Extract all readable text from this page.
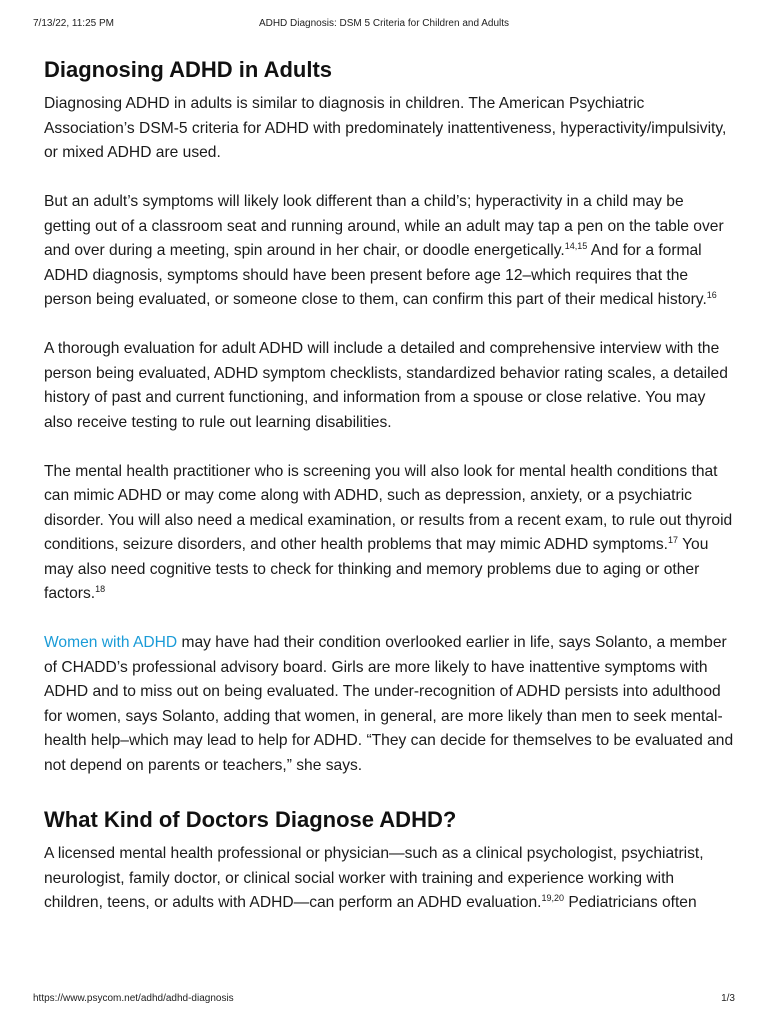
7/13/22, 11:25 PM	ADHD Diagnosis: DSM 5 Criteria for Children and Adults
Diagnosing ADHD in Adults

Diagnosing ADHD in adults is similar to diagnosis in children. The American Psychiatric Association’s DSM-5 criteria for ADHD with predominately inattentiveness, hyperactivity/impulsivity, or mixed ADHD are used.

But an adult’s symptoms will likely look different than a child’s; hyperactivity in a child may be getting out of a classroom seat and running around, while an adult may tap a pen on the table over and over during a meeting, spin around in her chair, or doodle energetically.$^{14,15}$ And for a formal ADHD diagnosis, symptoms should have been present before age 12–which requires that the person being evaluated, or someone close to them, can confirm this part of their medical history.$^{16}$

A thorough evaluation for adult ADHD will include a detailed and comprehensive interview with the person being evaluated, ADHD symptom checklists, standardized behavior rating scales, a detailed history of past and current functioning, and information from a spouse or close relative. You may also receive testing to rule out learning disabilities.

The mental health practitioner who is screening you will also look for mental health conditions that can mimic ADHD or may come along with ADHD, such as depression, anxiety, or a psychiatric disorder. You will also need a medical examination, or results from a recent exam, to rule out thyroid conditions, seizure disorders, and other health problems that may mimic ADHD symptoms.$^{17}$ You may also need cognitive tests to check for thinking and memory problems due to aging or other factors.$^{18}$

Women with ADHD may have had their condition overlooked earlier in life, says Solanto, a member of CHADD’s professional advisory board. Girls are more likely to have inattentive symptoms with ADHD and to miss out on being evaluated. The under-recognition of ADHD persists into adulthood for women, says Solanto, adding that women, in general, are more likely than men to seek mental-health help–which may lead to help for ADHD. “They can decide for themselves to be evaluated and not depend on parents or teachers,” she says.

What Kind of Doctors Diagnose ADHD?

A licensed mental health professional or physician—such as a clinical psychologist, psychiatrist, neurologist, family doctor, or clinical social worker with training and experience working with children, teens, or adults with ADHD—can perform an ADHD evaluation.$^{19,20}$ Pediatricians often

https://www.psycom.net/adhd/adhd-diagnosis	1/3
